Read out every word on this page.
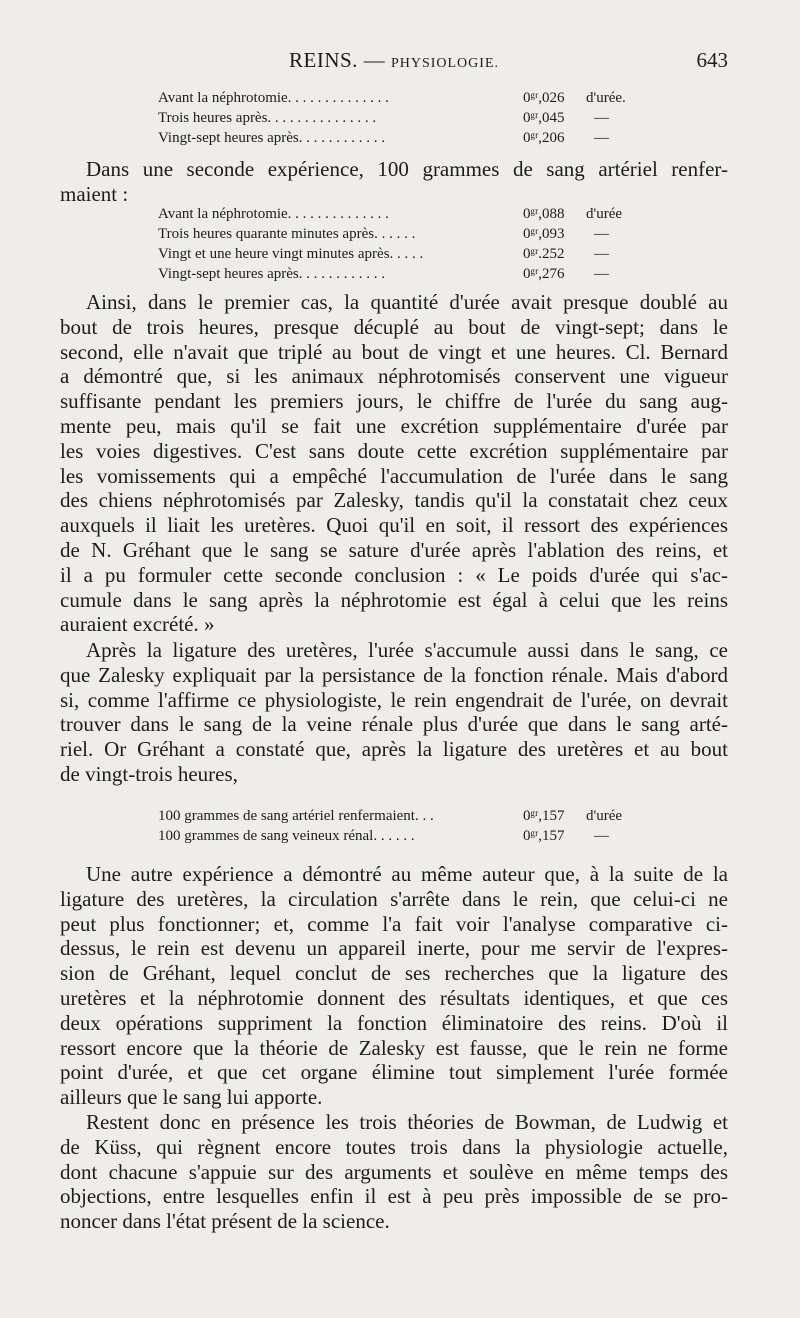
REINS. — PHYSIOLOGIE.	643
Avant la néphrotomie. . . . . . . . . . . . . .	0ᵍʳ,026 d'urée.
Trois heures après. . . . . . . . . . . . . . .	0ᵍʳ,045 —
Vingt-sept heures après. . . . . . . . . . . .	0ᵍʳ,206 —
Dans une seconde expérience, 100 grammes de sang artériel renfer-
maient :
Avant la néphrotomie. . . . . . . . . . . . . .	0ᵍʳ,088 d'urée
Trois heures quarante minutes après. . . . . .	0ᵍʳ,093 —
Vingt et une heure vingt minutes après. . . . .	0ᵍʳ.252 —
Vingt-sept heures après. . . . . . . . . . . .	0ᵍʳ,276 —
Ainsi, dans le premier cas, la quantité d'urée avait presque doublé au
bout de trois heures, presque décuplé au bout de vingt-sept; dans le
second, elle n'avait que triplé au bout de vingt et une heures. Cl. Bernard
a démontré que, si les animaux néphrotomisés conservent une vigueur
suffisante pendant les premiers jours, le chiffre de l'urée du sang aug-
mente peu, mais qu'il se fait une excrétion supplémentaire d'urée par
les voies digestives. C'est sans doute cette excrétion supplémentaire par
les vomissements qui a empêché l'accumulation de l'urée dans le sang
des chiens néphrotomisés par Zalesky, tandis qu'il la constatait chez ceux
auxquels il liait les uretères. Quoi qu'il en soit, il ressort des expériences
de N. Gréhant que le sang se sature d'urée après l'ablation des reins, et
il a pu formuler cette seconde conclusion : « Le poids d'urée qui s'ac-
cumule dans le sang après la néphrotomie est égal à celui que les reins
auraient excrété. »
Après la ligature des uretères, l'urée s'accumule aussi dans le sang, ce
que Zalesky expliquait par la persistance de la fonction rénale. Mais d'abord
si, comme l'affirme ce physiologiste, le rein engendrait de l'urée, on devrait
trouver dans le sang de la veine rénale plus d'urée que dans le sang arté-
riel. Or Gréhant a constaté que, après la ligature des uretères et au bout
de vingt-trois heures,
100 grammes de sang artériel renfermaient. . .	0ᵍʳ,157 d'urée
100 grammes de sang veineux rénal. . . . . .	0ᵍʳ,157 —
Une autre expérience a démontré au même auteur que, à la suite de la
ligature des uretères, la circulation s'arrête dans le rein, que celui-ci ne
peut plus fonctionner; et, comme l'a fait voir l'analyse comparative ci-
dessus, le rein est devenu un appareil inerte, pour me servir de l'expres-
sion de Gréhant, lequel conclut de ses recherches que la ligature des
uretères et la néphrotomie donnent des résultats identiques, et que ces
deux opérations suppriment la fonction éliminatoire des reins. D'où il
ressort encore que la théorie de Zalesky est fausse, que le rein ne forme
point d'urée, et que cet organe élimine tout simplement l'urée formée
ailleurs que le sang lui apporte.
Restent donc en présence les trois théories de Bowman, de Ludwig et
de Küss, qui règnent encore toutes trois dans la physiologie actuelle,
dont chacune s'appuie sur des arguments et soulève en même temps des
objections, entre lesquelles enfin il est à peu près impossible de se pro-
noncer dans l'état présent de la science.
